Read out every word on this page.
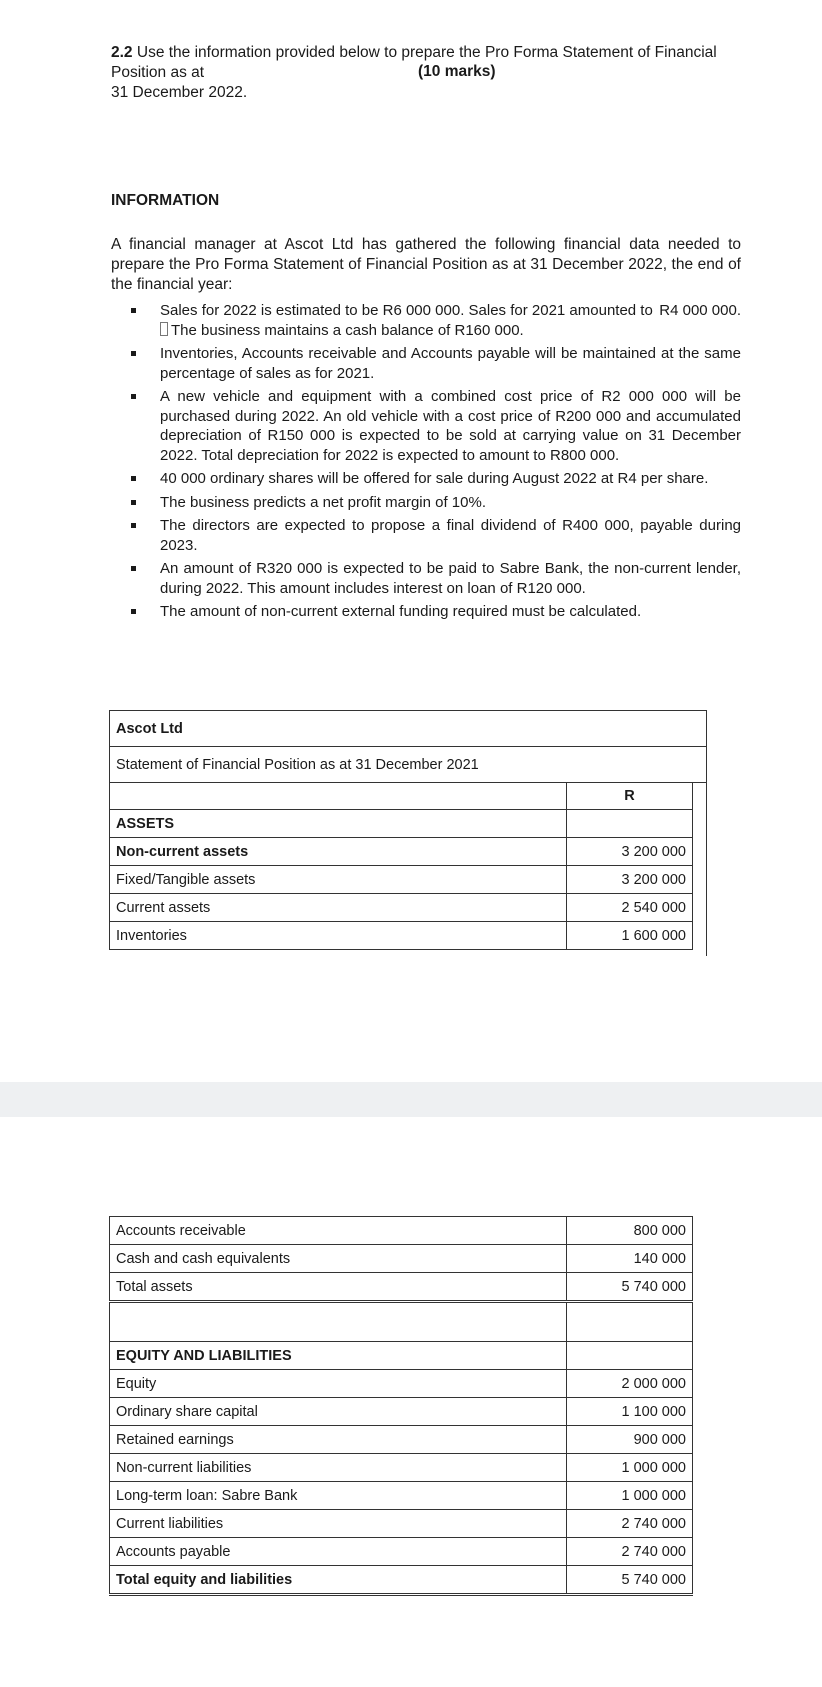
2.2 Use the information provided below to prepare the Pro Forma Statement of Financial Position as at
31 December 2022.
(10 marks)
INFORMATION
A financial manager at Ascot Ltd has gathered the following financial data needed to prepare the Pro Forma Statement of Financial Position as at 31 December 2022, the end of the financial year:
Sales for 2022 is estimated to be R6 000 000. Sales for 2021 amounted to R4 000 000.
The business maintains a cash balance of R160 000.
Inventories, Accounts receivable and Accounts payable will be maintained at the same percentage of sales as for 2021.
A new vehicle and equipment with a combined cost price of R2 000 000 will be purchased during 2022. An old vehicle with a cost price of R200 000 and accumulated depreciation of R150 000 is expected to be sold at carrying value on 31 December 2022. Total depreciation for 2022 is expected to amount to R800 000.
40 000 ordinary shares will be offered for sale during August 2022 at R4 per share.
The business predicts a net profit margin of 10%.
The directors are expected to propose a final dividend of R400 000, payable during 2023.
An amount of R320 000 is expected to be paid to Sabre Bank, the non-current lender, during 2022. This amount includes interest on loan of R120 000.
The amount of non-current external funding required must be calculated.
Ascot Ltd
Statement of Financial Position as at 31 December 2021
	R
ASSETS	
Non-current assets	3 200 000
Fixed/Tangible assets	3 200 000
Current assets	2 540 000
Inventories	1 600 000
Accounts receivable	800 000
Cash and cash equivalents	140 000
Total assets	5 740 000

EQUITY AND LIABILITIES	
Equity	2 000 000
Ordinary share capital	1 100 000
Retained earnings	900 000
Non-current liabilities	1 000 000
Long-term loan: Sabre Bank	1 000 000
Current liabilities	2 740 000
Accounts payable	2 740 000
Total equity and liabilities	5 740 000
